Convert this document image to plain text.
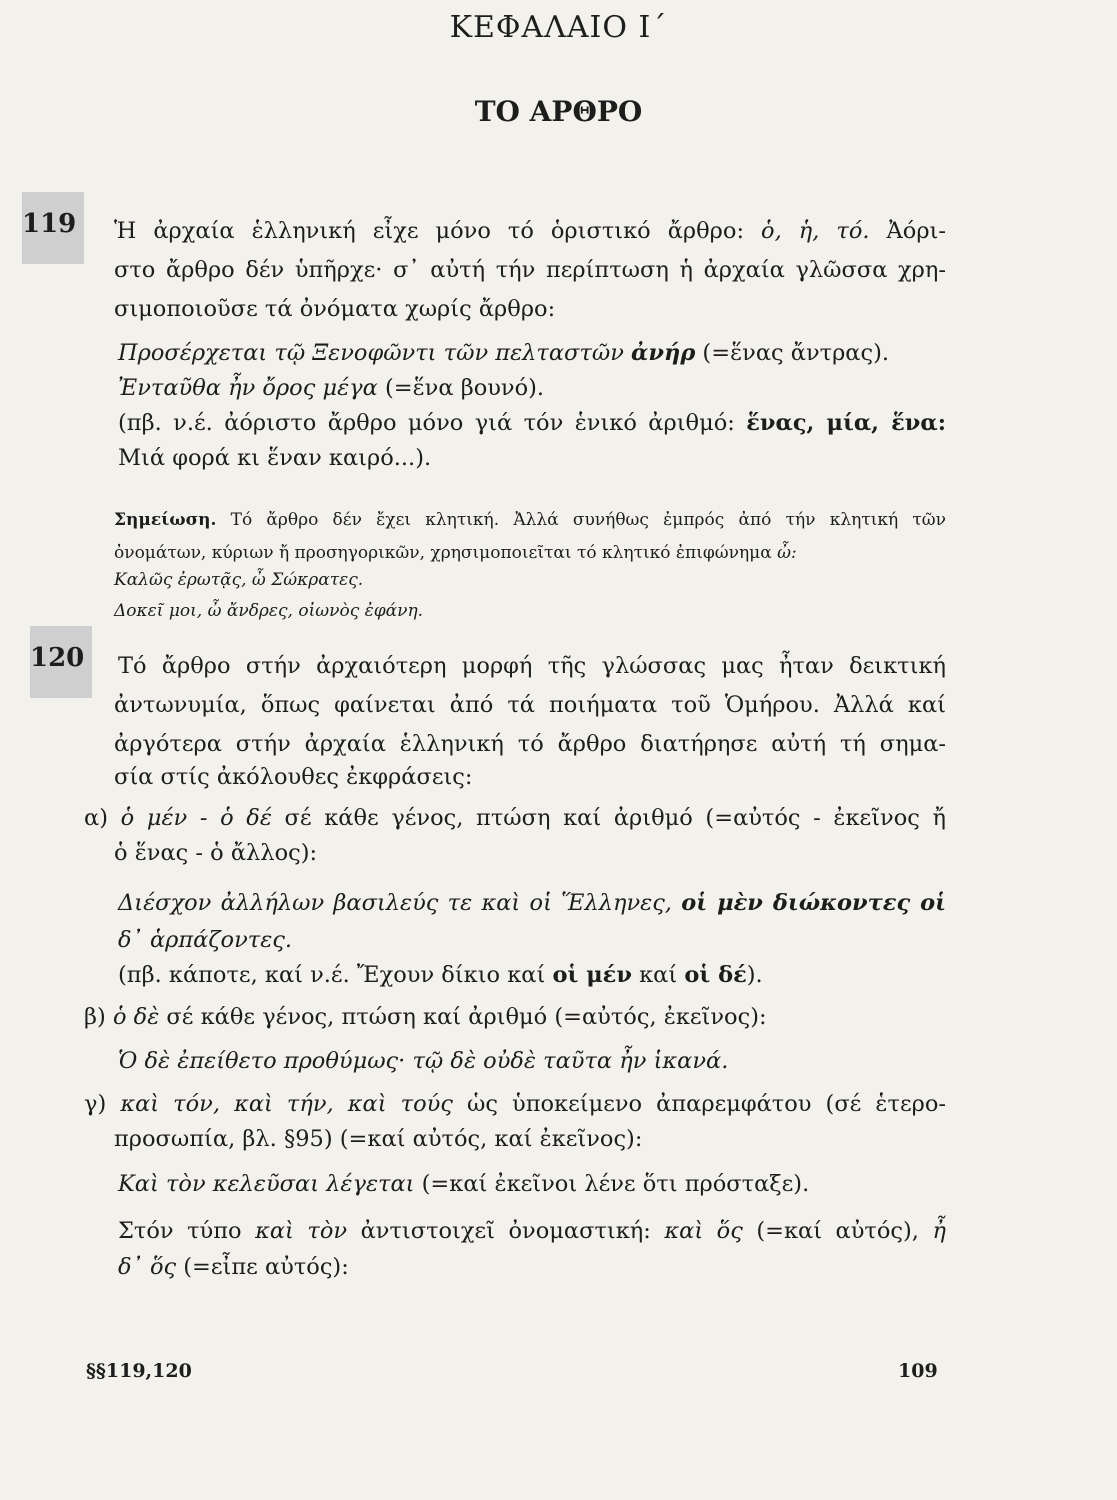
ΚΕΦΑΛΑΙΟ Ι΄
ΤΟ ΑΡΘΡΟ
119	Ἡ ἀρχαία ἑλληνική εἶχε μόνο τό ὁριστικό ἄρθρο: ὁ, ἡ, τό. Ἀόρι-
στο ἄρθρο δέν ὑπῆρχε· σ᾿ αὐτή τήν περίπτωση ἡ ἀρχαία γλῶσσα χρη-
σιμοποιοῦσε τά ὀνόματα χωρίς ἄρθρο:
Προσέρχεται τῷ Ξενοφῶντι τῶν πελταστῶν ἀνήρ (=ἕνας ἄντρας).
Ἐνταῦθα ἦν ὄρος μέγα (=ἕνα βουνό).
(πβ. ν.έ. ἀόριστο ἄρθρο μόνο γιά τόν ἑνικό ἀριθμό: ἕνας, μία, ἕνα:
Μιά φορά κι ἕναν καιρό...).
Σημείωση. Τό ἄρθρο δέν ἔχει κλητική. Ἀλλά συνήθως ἐμπρός ἀπό τήν κλητική τῶν
ὀνομάτων, κύριων ἤ προσηγορικῶν, χρησιμοποιεῖται τό κλητικό ἐπιφώνημα ὦ:
Καλῶς ἐρωτᾷς, ὦ Σώκρατες.
Δοκεῖ μοι, ὦ ἄνδρες, οἰωνὸς ἐφάνη.
120	Τό ἄρθρο στήν ἀρχαιότερη μορφή τῆς γλώσσας μας ἦταν δεικτική
ἀντωνυμία, ὅπως φαίνεται ἀπό τά ποιήματα τοῦ Ὁμήρου. Ἀλλά καί
ἀργότερα στήν ἀρχαία ἑλληνική τό ἄρθρο διατήρησε αὐτή τή σημα-
σία στίς ἀκόλουθες ἐκφράσεις:
α) ὁ μέν - ὁ δέ σέ κάθε γένος, πτώση καί ἀριθμό (=αὐτός - ἐκεῖνος ἤ
ὁ ἕνας - ὁ ἄλλος):
Διέσχον ἀλλήλων βασιλεύς τε καὶ οἱ Ἕλληνες, οἱ μὲν διώκοντες οἱ
δ᾿ ἁρπάζοντες.
(πβ. κάποτε, καί ν.έ. Ἔχουν δίκιο καί οἱ μέν καί οἱ δέ).
β) ὁ δὲ σέ κάθε γένος, πτώση καί ἀριθμό (=αὐτός, ἐκεῖνος):
Ὁ δὲ ἐπείθετο προθύμως· τῷ δὲ οὐδὲ ταῦτα ἦν ἱκανά.
γ) καὶ τόν, καὶ τήν, καὶ τούς ὡς ὑποκείμενο ἀπαρεμφάτου (σέ ἑτερο-
προσωπία, βλ. §95) (=καί αὐτός, καί ἐκεῖνος):
Καὶ τὸν κελεῦσαι λέγεται (=καί ἐκεῖνοι λένε ὅτι πρόσταξε).
Στόν τύπο καὶ τὸν ἀντιστοιχεῖ ὀνομαστική: καὶ ὅς (=καί αὐτός), ἦ
δ᾿ ὅς (=εἶπε αὐτός):
§§119,120	109
